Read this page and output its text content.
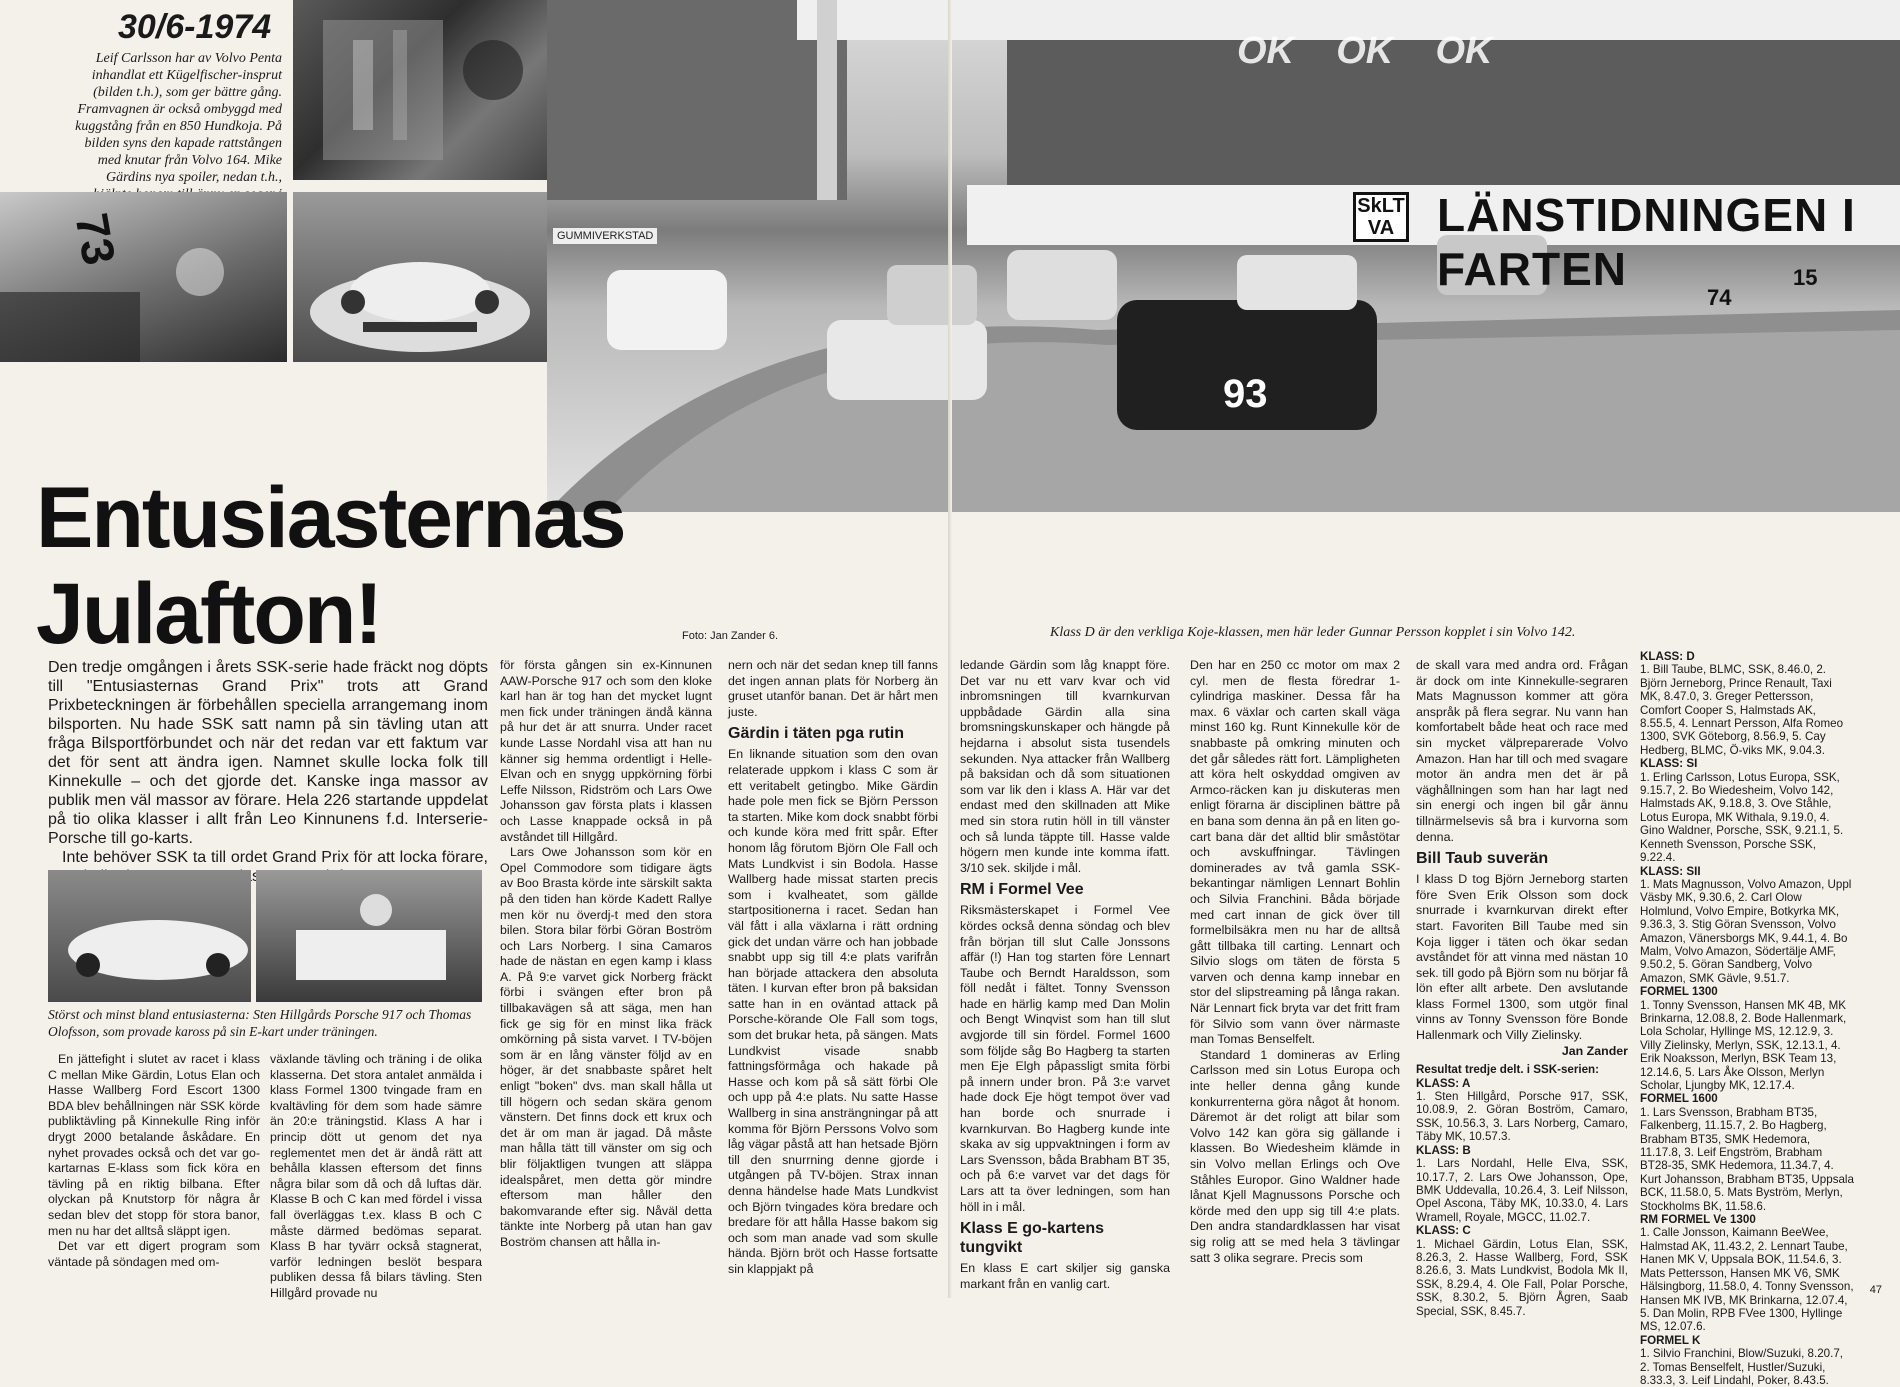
30/6-1974
Leif Carlsson har av Volvo Penta inhandlat ett Kügelfischer-insprut (bilden t.h.), som ger bättre gång. Framvagnen är också ombyggd med kuggstång från en 850 Hundkoja. På bilden syns den kapade rattstången med knutar från Volvo 164. Mike Gärdins nya spoiler, nedan t.h.,
73
OK    OK    OK
LÄNSTIDNINGEN I FARTEN
SkLT VA
GUMMIVERKSTAD
93
74
15
Entusiasternas
Julafton!	Foto: Jan Zander 6.	Klass D är den verkliga Koje-klassen, men här leder Gunnar Persson kopplet i sin Volvo 142.

Den tredje omgången i årets SSK-serie hade fräckt nog döpts till "Entusiasternas Grand Prix" trots att Grand Prixbeteckningen är förbehållen speciella arrangemang inom bilsporten. Nu hade SSK satt namn på sin tävling utan att fråga Bilsportförbundet och när det redan var ett faktum var det för sent att ändra igen. Namnet skulle locka folk till Kinnekulle – och det gjorde det. Kanske inga massor av publik men väl massor av förare. Hela 226 startande uppdelat på tio olika klasser i allt från Leo Kinnunens f.d. Interserie-Porsche till go-karts.

Inte behöver SSK ta till ordet Grand Prix för att locka förare,

Störst och minst bland entusiasterna: Sten Hillgårds Porsche 917 och Thomas Olofsson, som provade kaross på sin E-kart under träningen.

En jättefight i slutet av racet i klass C mellan Mike Gärdin, Lotus Elan och Hasse Wallberg Ford Escort 1300 BDA blev behållningen när SSK körde publiktävling på Kinnekulle Ring inför drygt 2000 betalande åskådare. En nyhet provades också och det var go-kartarnas E-klass som fick köra en tävling på en riktig bilbana. Efter olyckan på Knutstorp för några år sedan blev det stopp för stora banor, men nu har det alltså släppt igen.

Det var ett digert program som väntade på söndagen med om-

för första gången sin ex-Kinnunen AAW-Porsche 917 och som den kloke karl han är tog han det mycket lugnt men fick under träningen ändå känna på hur det är att snurra. Under racet kunde Lasse Nordahl visa att han nu känner sig hemma ordentligt i Helle-Elvan och en snygg uppkörning förbi Leffe Nilsson, Ridström och Lars Owe Johansson gav första plats i klassen och Lasse knappade också in på avståndet till Hillgård.

Lars Owe Johansson som kör en Opel Commodore som tidigare ägts av Boo Brasta körde inte särskilt sakta på den tiden han körde Kadett Rallye men kör nu överdj-t med den stora bilen. Stora bilar förbi Göran Boström och Lars Norberg. I sina Camaros hade de nästan en egen kamp i klass A. På 9:e varvet gick Norberg fräckt förbi i svängen efter bron på tillbakavägen så att säga, men han fick ge sig för en minst lika fräck omkörning på sista varvet. I TV-böjen som är en lång vänster följd av en höger, är det snabbaste spåret helt enligt "boken" dvs. man skall hålla ut till högern och sedan skära genom vänstern. Det finns dock ett krux och det är om man är jagad. Då måste man hålla tätt till vänster om sig och blir följaktligen tvungen att släppa idealspåret, men detta gör mindre eftersom man håller den bakomvarande efter sig. Nåväl detta tänkte inte Norberg på utan han gav Boström chansen att hålla in-

växlande tävling och träning i de olika klasserna. Det stora antalet anmälda i klass Formel 1300 tvingade fram en kvaltävling för dem som hade sämre än 20:e träningstid. Klass A har i princip dött ut genom det nya reglementet men det är ändå rätt att behålla klassen eftersom det finns några bilar som då och då luftas där. Klasse B och C kan med fördel i vissa fall överläggas t.ex. klass B och C måste därmed bedömas separat. Klass B har tyvärr också stagnerat, varför ledningen beslöt bespara publiken dessa få bilars tävling. Sten Hillgård provade nu

nern och när det sedan knep till fanns det ingen annan plats för Norberg än gruset utanför banan. Det är hårt men juste.

Gärdin i täten pga rutin

En liknande situation som den ovan relaterade uppkom i klass C som är ett veritabelt getingbo. Mike Gärdin hade pole men fick se Björn Persson ta starten. Mike kom dock snabbt förbi och kunde köra med fritt spår. Efter honom låg förutom Björn Ole Fall och Mats Lundkvist i sin Bodola. Hasse Wallberg hade missat starten precis som i kvalheatet, som gällde startpositionerna i racet. Sedan han väl fått i alla växlarna i rätt ordning gick det undan värre och han jobbade snabbt upp sig till 4:e plats varifrån han började attackera den absoluta täten. I kurvan efter bron på baksidan satte han in en oväntad attack på Porsche-körande Ole Fall som togs, som det brukar heta, på sängen. Mats Lundkvist visade snabb fattningsförmåga och hakade på Hasse och kom på så sätt förbi Ole och upp på 4:e plats. Nu satte Hasse Wallberg in sina ansträngningar på att komma för Björn Perssons Volvo som låg vägar påstå att han hetsade Björn till den snurrning denne gjorde i utgången på TV-böjen. Strax innan denna händelse hade Mats Lundkvist och Björn tvingades köra bredare och bredare för att hålla Hasse bakom sig och som man anade vad som skulle hända. Björn bröt och Hasse fortsatte sin klappjakt på

ledande Gärdin som låg knappt före. Det var nu ett varv kvar och vid inbromsningen till kvarnkurvan uppbådade Gärdin alla sina bromsningskunskaper och hängde på hejdarna i absolut sista tusendels sekunden. Nya attacker från Wallberg på baksidan och då som situationen som var lik den i klass A. Här var det endast med den skillnaden att Mike med sin stora rutin höll in till vänster och så lunda täppte till. Hasse valde högern men kunde inte komma ifatt. 3/10 sek. skiljde i mål.

RM i Formel Vee

Riksmästerskapet i Formel Vee kördes också denna söndag och blev från början till slut Calle Jonssons affär (!) Han tog starten före Lennart Taube och Berndt Haraldsson, som föll nedåt i fältet. Tonny Svensson hade en härlig kamp med Dan Molin och Bengt Winqvist som han till slut avgjorde till sin fördel. Formel 1600 som följde såg Bo Hagberg ta starten men Eje Elgh påpassligt smita förbi på innern under bron. På 3:e varvet hade dock Eje högt tempot över vad han borde och snurrade i kvarnkurvan. Bo Hagberg kunde inte skaka av sig uppvaktningen i form av Lars Svensson, båda Brabham BT 35, och på 6:e varvet var det dags för Lars att ta över ledningen, som han höll in i mål.

Klass E go-kartens tungvikt

En klass E cart skiljer sig ganska markant från en vanlig cart.

Den har en 250 cc motor om max 2 cyl. men de flesta föredrar 1-cylindriga maskiner. Dessa får ha max. 6 växlar och carten skall väga minst 160 kg. Runt Kinnekulle kör de snabbaste på omkring minuten och det går således rätt fort. Lämpligheten att köra helt oskyddad omgiven av Armco-räcken kan ju diskuteras men enligt förarna är disciplinen bättre på en bana som denna än på en liten go-cart bana där det alltid blir småstötar och avskuffningar. Tävlingen dominerades av två gamla SSK-bekantingar nämligen Lennart Bohlin och Silvia Franchini. Båda började med cart innan de gick över till formelbilsäkra men nu har de alltså gått tillbaka till carting. Lennart och Silvio slogs om täten de första 5 varven och denna kamp innebar en stor del slipstreaming på långa rakan. När Lennart fick bryta var det fritt fram för Silvio som vann över närmaste man Tomas Benselfelt.

Standard 1 domineras av Erling Carlsson med sin Lotus Europa och inte heller denna gång kunde konkurrenterna göra något åt honom. Däremot är det roligt att bilar som Volvo 142 kan göra sig gällande i klassen. Bo Wiedesheim klämde in sin Volvo mellan Erlings och Ove Ståhles Europor. Gino Waldner hade lånat Kjell Magnussons Porsche och körde med den upp sig till 4:e plats. Den andra standardklassen har visat sig rolig att se med hela 3 tävlingar satt 3 olika segrare. Precis som

de skall vara med andra ord. Frågan är dock om inte Kinnekulle-segraren Mats Magnusson kommer att göra anspråk på flera segrar. Nu vann han komfortabelt både heat och race med sin mycket välpreparerade Volvo Amazon. Han har till och med svagare motor än andra men det är på väghållningen som han har lagt ned sin energi och ingen bil går ännu tillnärmelsevis så bra i kurvorna som denna.

Bill Taub suverän

I klass D tog Björn Jerneborg starten före Sven Erik Olsson som dock snurrade i kvarnkurvan direkt efter start. Favoriten Bill Taube med sin Koja ligger i täten och ökar sedan avståndet för att vinna med nästan 10 sek. till godo på Björn som nu börjar få lön efter allt arbete. Den avslutande klass Formel 1300, som utgör final vinns av Tonny Svensson före Bonde Hallenmark och Villy Zielinsky.

Jan Zander

Resultat tredje delt. i SSK-serien:

KLASS: A

1. Sten Hillgård, Porsche 917, SSK, 10.08.9, 2. Göran Boström, Camaro, SSK, 10.56.3, 3. Lars Norberg, Camaro, Täby MK, 10.57.3.

KLASS: B

1. Lars Nordahl, Helle Elva, SSK, 10.17.7, 2. Lars Owe Johansson, Ope, BMK Uddevalla, 10.26.4, 3. Leif Nilsson, Opel Ascona, Täby MK, 10.33.0, 4. Lars Wramell, Royale, MGCC, 11.02.7.

KLASS: C

1. Michael Gärdin, Lotus Elan, SSK, 8.26.3, 2. Hasse Wallberg, Ford, SSK 8.26.6, 3. Mats Lundkvist, Bodola Mk II, SSK, 8.29.4, 4. Ole Fall, Polar Porsche, SSK, 8.30.2, 5. Björn Ågren, Saab Special, SSK, 8.45.7.

KLASS: D

1. Bill Taube, BLMC, SSK, 8.46.0, 2. Björn Jerneborg, Prince Renault, Taxi MK, 8.47.0, 3. Greger Pettersson, Comfort Cooper S, Halmstads AK, 8.55.5, 4. Lennart Persson, Alfa Romeo 1300, SVK Göteborg, 8.56.9, 5. Cay Hedberg, BLMC, Ö-viks MK, 9.04.3.

KLASS: SI

1. Erling Carlsson, Lotus Europa, SSK, 9.15.7, 2. Bo Wiedesheim, Volvo 142, Halmstads AK, 9.18.8, 3. Ove Ståhle, Lotus Europa, MK Withala, 9.19.0, 4. Gino Waldner, Porsche, SSK, 9.21.1, 5. Kenneth Svensson, Porsche SSK, 9.22.4.

KLASS: SII

1. Mats Magnusson, Volvo Amazon, Uppl Väsby MK, 9.30.6, 2. Carl Olow Holmlund, Volvo Empire, Botkyrka MK, 9.36.3, 3. Stig Göran Svensson, Volvo Amazon, Vänersborgs MK, 9.44.1, 4. Bo Malm, Volvo Amazon, Södertälje AMF, 9.50.2, 5. Göran Sandberg, Volvo Amazon, SMK Gävle, 9.51.7.

FORMEL 1300

1. Tonny Svensson, Hansen MK 4B, MK Brinkarna, 12.08.8, 2. Bode Hallenmark, Lola Scholar, Hyllinge MS, 12.12.9, 3. Villy Zielinsky, Merlyn, SSK, 12.13.1, 4. Erik Noaksson, Merlyn, BSK Team 13, 12.14.6, 5. Lars Åke Olsson, Merlyn Scholar, Ljungby MK, 12.17.4.

FORMEL 1600

1. Lars Svensson, Brabham BT35, Falkenberg, 11.15.7, 2. Bo Hagberg, Brabham BT35, SMK Hedemora, 11.17.8, 3. Leif Engström, Brabham BT28-35, SMK Hedemora, 11.34.7, 4. Kurt Johansson, Brabham BT35, Uppsala BCK, 11.58.0, 5. Mats Byström, Merlyn, Stockholms BK, 11.58.6.

RM FORMEL Ve 1300

1. Calle Jonsson, Kaimann BeeWee, Halmstad AK, 11.43.2, 2. Lennart Taube, Hanen MK V, Uppsala BOK, 11.54.6, 3. Mats Pettersson, Hansen MK V6, SMK Hälsingborg, 11.58.0, 4. Tonny Svensson, Hansen MK IVB, MK Brinkarna, 12.07.4, 5. Dan Molin, RPB FVee 1300, Hyllinge MS, 12.07.6.

FORMEL K

1. Silvio Franchini, Blow/Suzuki, 8.20.7, 2. Tomas Benselfelt, Hustler/Suzuki, 8.33.3, 3. Leif Lindahl, Poker, 8.43.5.

47
